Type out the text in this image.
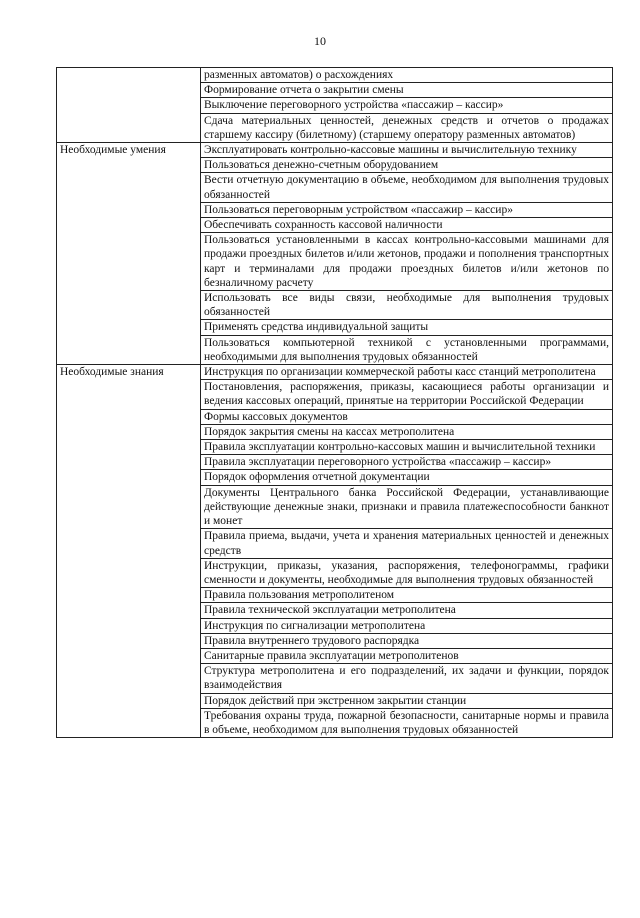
10
	разменных автоматов) о расхождениях
	Формирование отчета о закрытии смены
	Выключение переговорного устройства «пассажир – кассир»
	Сдача материальных ценностей, денежных средств и отчетов о продажах старшему кассиру (билетному) (старшему оператору разменных автоматов)
Необходимые умения	Эксплуатировать контрольно-кассовые машины и вычислительную технику
	Пользоваться денежно-счетным оборудованием
	Вести отчетную документацию в объеме, необходимом для выполнения трудовых обязанностей
	Пользоваться переговорным устройством «пассажир – кассир»
	Обеспечивать сохранность кассовой наличности
	Пользоваться установленными в кассах контрольно-кассовыми машинами для продажи проездных билетов и/или жетонов, продажи и пополнения транспортных карт и терминалами для продажи проездных билетов и/или жетонов по безналичному расчету
	Использовать все виды связи, необходимые для выполнения трудовых обязанностей
	Применять средства индивидуальной защиты
	Пользоваться компьютерной техникой с установленными программами, необходимыми для выполнения трудовых обязанностей
Необходимые знания	Инструкция по организации коммерческой работы касс станций метрополитена
	Постановления, распоряжения, приказы, касающиеся работы организации и ведения кассовых операций, принятые на территории Российской Федерации
	Формы кассовых документов
	Порядок закрытия смены на кассах метрополитена
	Правила эксплуатации контрольно-кассовых машин и вычислительной техники
	Правила эксплуатации переговорного устройства «пассажир – кассир»
	Порядок оформления отчетной документации
	Документы Центрального банка Российской Федерации, устанавливающие действующие денежные знаки, признаки и правила платежеспособности банкнот и монет
	Правила приема, выдачи, учета и хранения материальных ценностей и денежных средств
	Инструкции, приказы, указания, распоряжения, телефонограммы, графики сменности и документы, необходимые для выполнения трудовых обязанностей
	Правила пользования метрополитеном
	Правила технической эксплуатации метрополитена
	Инструкция по сигнализации метрополитена
	Правила внутреннего трудового распорядка
	Санитарные правила эксплуатации метрополитенов
	Структура метрополитена и его подразделений, их задачи и функции, порядок взаимодействия
	Порядок действий при экстренном закрытии станции
	Требования охраны труда, пожарной безопасности, санитарные нормы и правила в объеме, необходимом для выполнения трудовых обязанностей
